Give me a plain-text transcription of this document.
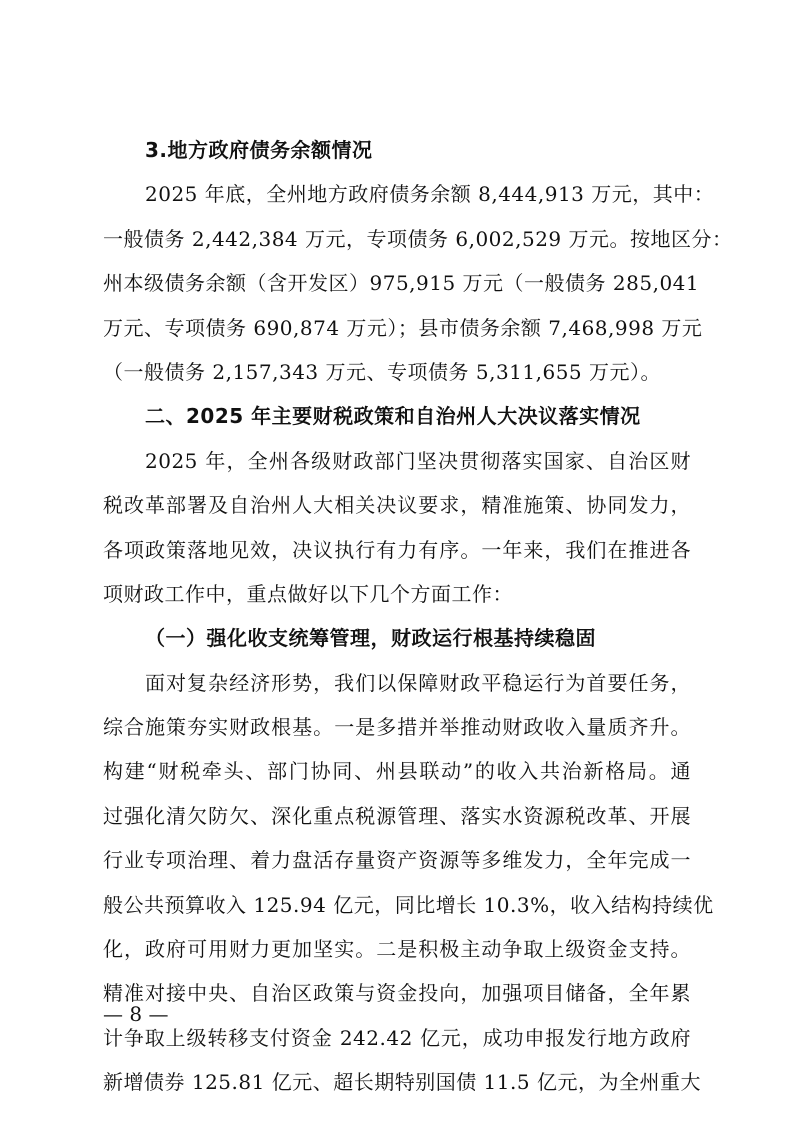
3.地方政府债务余额情况
2025 年底，全州地方政府债务余额 8,444,913 万元，其中：
一般债务 2,442,384 万元，专项债务 6,002,529 万元。按地区分：
州本级债务余额（含开发区）975,915 万元（一般债务 285,041
万元、专项债务 690,874 万元）；县市债务余额 7,468,998 万元
（一般债务 2,157,343 万元、专项债务 5,311,655 万元）。
二、2025 年主要财税政策和自治州人大决议落实情况
2025 年，全州各级财政部门坚决贯彻落实国家、自治区财
税改革部署及自治州人大相关决议要求，精准施策、协同发力，
各项政策落地见效，决议执行有力有序。一年来，我们在推进各
项财政工作中，重点做好以下几个方面工作：
（一）强化收支统筹管理，财政运行根基持续稳固
面对复杂经济形势，我们以保障财政平稳运行为首要任务，
综合施策夯实财政根基。一是多措并举推动财政收入量质齐升。
构建“财税牵头、部门协同、州县联动”的收入共治新格局。通
过强化清欠防欠、深化重点税源管理、落实水资源税改革、开展
行业专项治理、着力盘活存量资产资源等多维发力，全年完成一
般公共预算收入 125.94 亿元，同比增长 10.3%，收入结构持续优
化，政府可用财力更加坚实。二是积极主动争取上级资金支持。
精准对接中央、自治区政策与资金投向，加强项目储备，全年累
计争取上级转移支付资金 242.42 亿元，成功申报发行地方政府
新增债券 125.81 亿元、超长期特别国债 11.5 亿元，为全州重大
— 8 —
